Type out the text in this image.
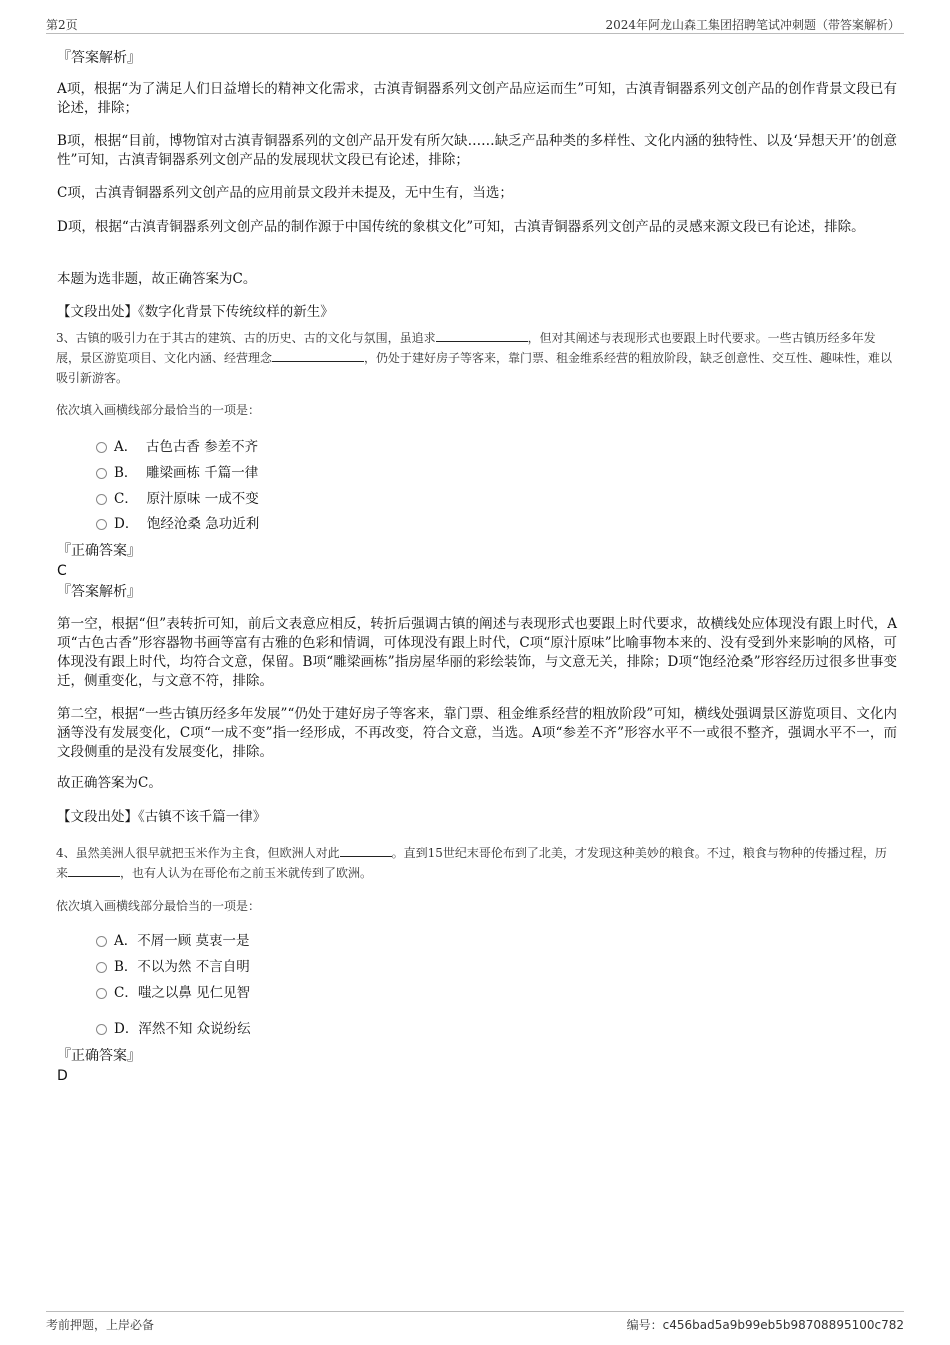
第2页	2024年阿龙山森工集团招聘笔试冲刺题（带答案解析）
『答案解析』
A项，根据“为了满足人们日益增长的精神文化需求，古滇青铜器系列文创产品应运而生”可知，古滇青铜器系列文创产品的创作背景文段已有论述，排除；
B项，根据“目前，博物馆对古滇青铜器系列的文创产品开发有所欠缺……缺乏产品种类的多样性、文化内涵的独特性、以及‘异想天开’的创意性”可知，古滇青铜器系列文创产品的发展现状文段已有论述，排除；
C项，古滇青铜器系列文创产品的应用前景文段并未提及，无中生有，当选；
D项，根据“古滇青铜器系列文创产品的制作源于中国传统的象棋文化”可知，古滇青铜器系列文创产品的灵感来源文段已有论述，排除。
本题为选非题，故正确答案为C。
【文段出处】《数字化背景下传统纹样的新生》
3、古镇的吸引力在于其古的建筑、古的历史、古的文化与氛围，虽追求	，但对其阐述与表现形式也要跟上时代要求。一些古镇历经多年发展，景区游览项目、文化内涵、经营理念	，仍处于建好房子等客来，靠门票、租金维系经营的粗放阶段，缺乏创意性、交互性、趣味性，难以吸引新游客。
依次填入画横线部分最恰当的一项是：
A． 古色古香 参差不齐
B． 雕梁画栋 千篇一律
C． 原汁原味 一成不变
D． 饱经沧桑 急功近利
『正确答案』
C
『答案解析』
第一空，根据“但”表转折可知，前后文表意应相反，转折后强调古镇的阐述与表现形式也要跟上时代要求，故横线处应体现没有跟上时代，A项“古色古香”形容器物书画等富有古雅的色彩和情调，可体现没有跟上时代，C项“原汁原味”比喻事物本来的、没有受到外来影响的风格，可体现没有跟上时代，均符合文意，保留。B项“雕梁画栋”指房屋华丽的彩绘装饰，与文意无关，排除；D项“饱经沧桑”形容经历过很多世事变迁，侧重变化，与文意不符，排除。
第二空，根据“一些古镇历经多年发展”“仍处于建好房子等客来，靠门票、租金维系经营的粗放阶段”可知，横线处强调景区游览项目、文化内涵等没有发展变化，C项“一成不变”指一经形成，不再改变，符合文意，当选。A项“参差不齐”形容水平不一或很不整齐，强调水平不一，而文段侧重的是没有发展变化，排除。
故正确答案为C。
【文段出处】《古镇不该千篇一律》
4、虽然美洲人很早就把玉米作为主食，但欧洲人对此	。直到15世纪末哥伦布到了北美，才发现这种美妙的粮食。不过，粮食与物种的传播过程，历来	，也有人认为在哥伦布之前玉米就传到了欧洲。
依次填入画横线部分最恰当的一项是：
A．不屑一顾 莫衷一是
B．不以为然 不言自明
C．嗤之以鼻 见仁见智
D．浑然不知 众说纷纭
『正确答案』
D
考前押题，上岸必备	编号：c456bad5a9b99eb5b98708895100c782
